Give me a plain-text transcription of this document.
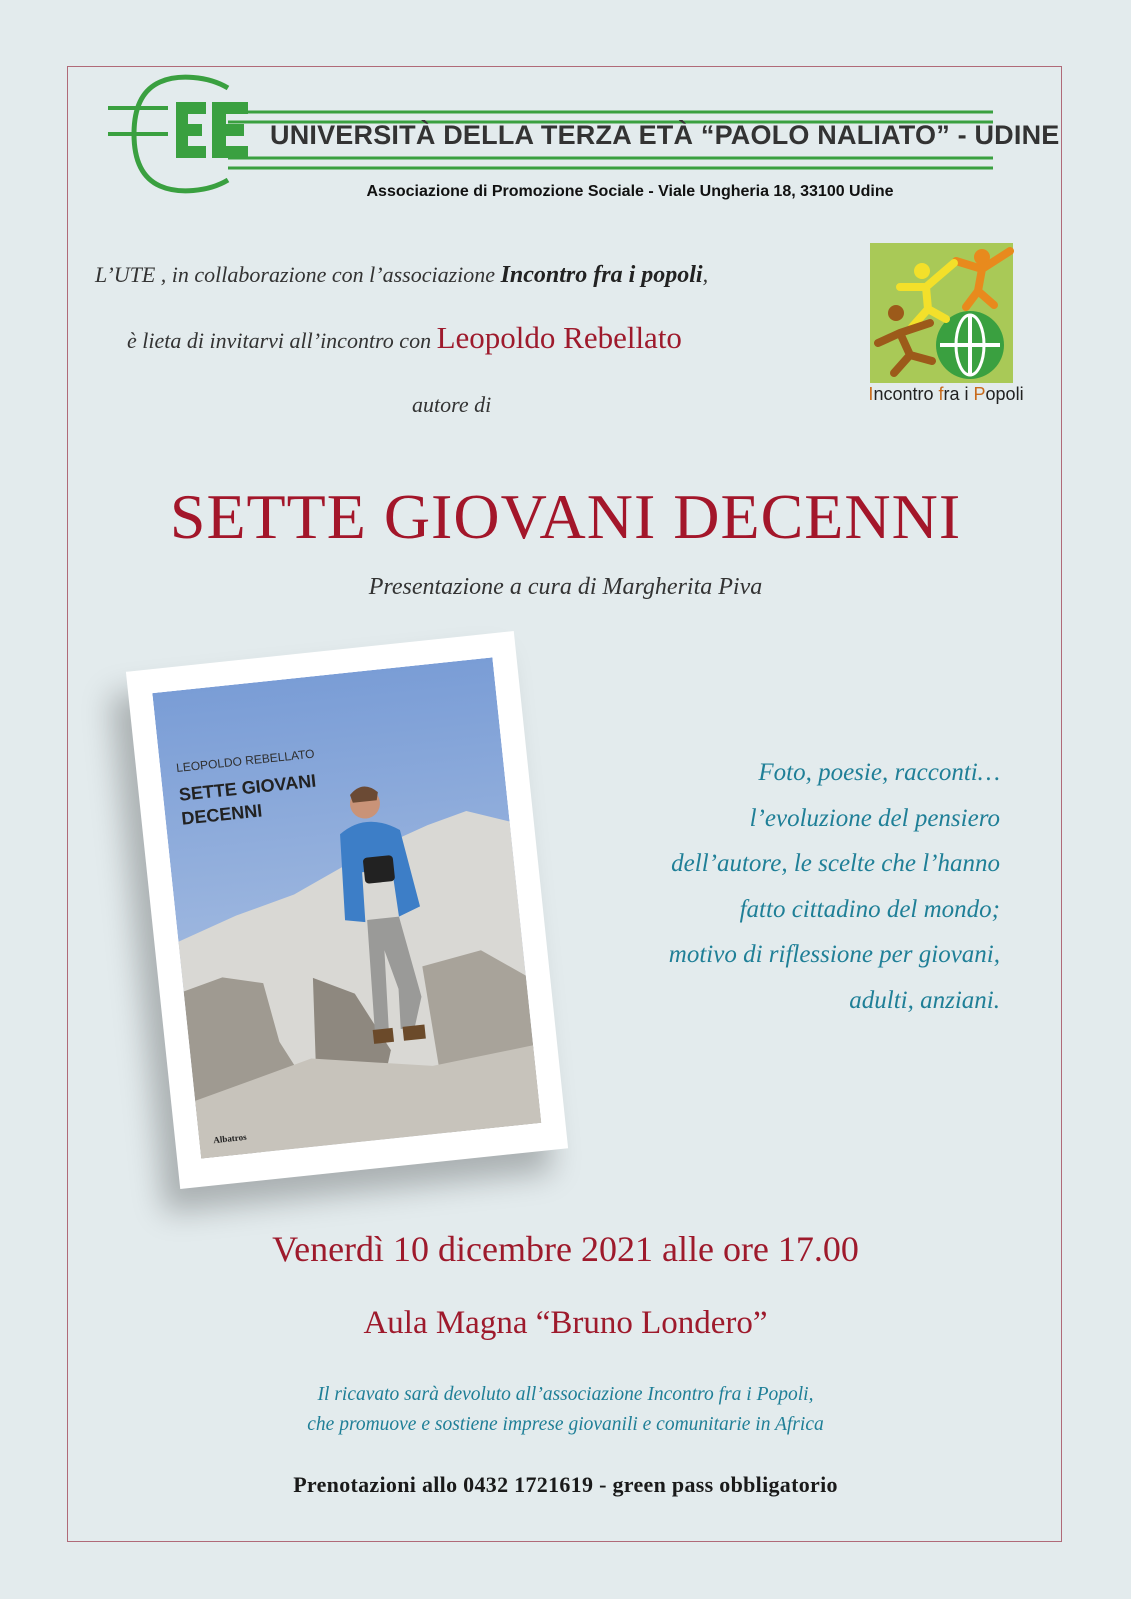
UNIVERSITÀ DELLA TERZA ETÀ “PAOLO NALIATO” - UDINE
Associazione di Promozione Sociale - Viale Ungheria 18, 33100 Udine
L’UTE , in collaborazione con l’associazione Incontro fra i popoli,
è lieta di invitarvi all’incontro con Leopoldo Rebellato
autore di	Incontro fra i Popoli
SETTE GIOVANI DECENNI
Presentazione a cura di Margherita Piva
LEOPOLDO REBELLATO
SETTE GIOVANI
DECENNI
Albatros
Foto, poesie, racconti…
l’evoluzione del pensiero
dell’autore, le scelte che l’hanno
fatto cittadino del mondo;
motivo di riflessione per giovani,
adulti, anziani.
Venerdì 10 dicembre 2021 alle ore 17.00
Aula Magna “Bruno Londero”
Il ricavato sarà devoluto all’associazione Incontro fra i Popoli,
che promuove e sostiene imprese giovanili e comunitarie in Africa
Prenotazioni allo 0432 1721619 - green pass obbligatorio
